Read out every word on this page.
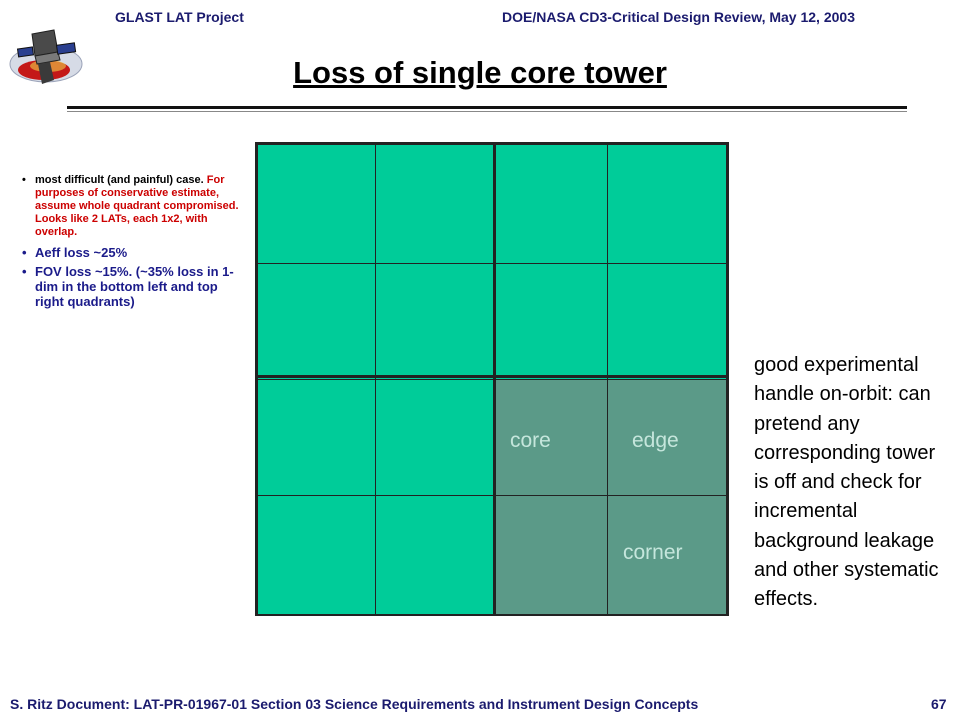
GLAST LAT Project	DOE/NASA CD3-Critical Design Review, May 12, 2003
Loss of single core tower
• most difficult (and painful) case. For purposes of conservative estimate, assume whole quadrant compromised. Looks like 2 LATs, each 1x2, with overlap.
• Aeff loss ~25%
• FOV loss ~15%. (~35% loss in 1-dim in the bottom left and top right quadrants)
core	edge
corner
good experimental handle on-orbit: can pretend any corresponding tower is off and check for incremental background leakage and other systematic effects.
S. Ritz Document: LAT-PR-01967-01 Section 03 Science Requirements and Instrument Design Concepts	67
